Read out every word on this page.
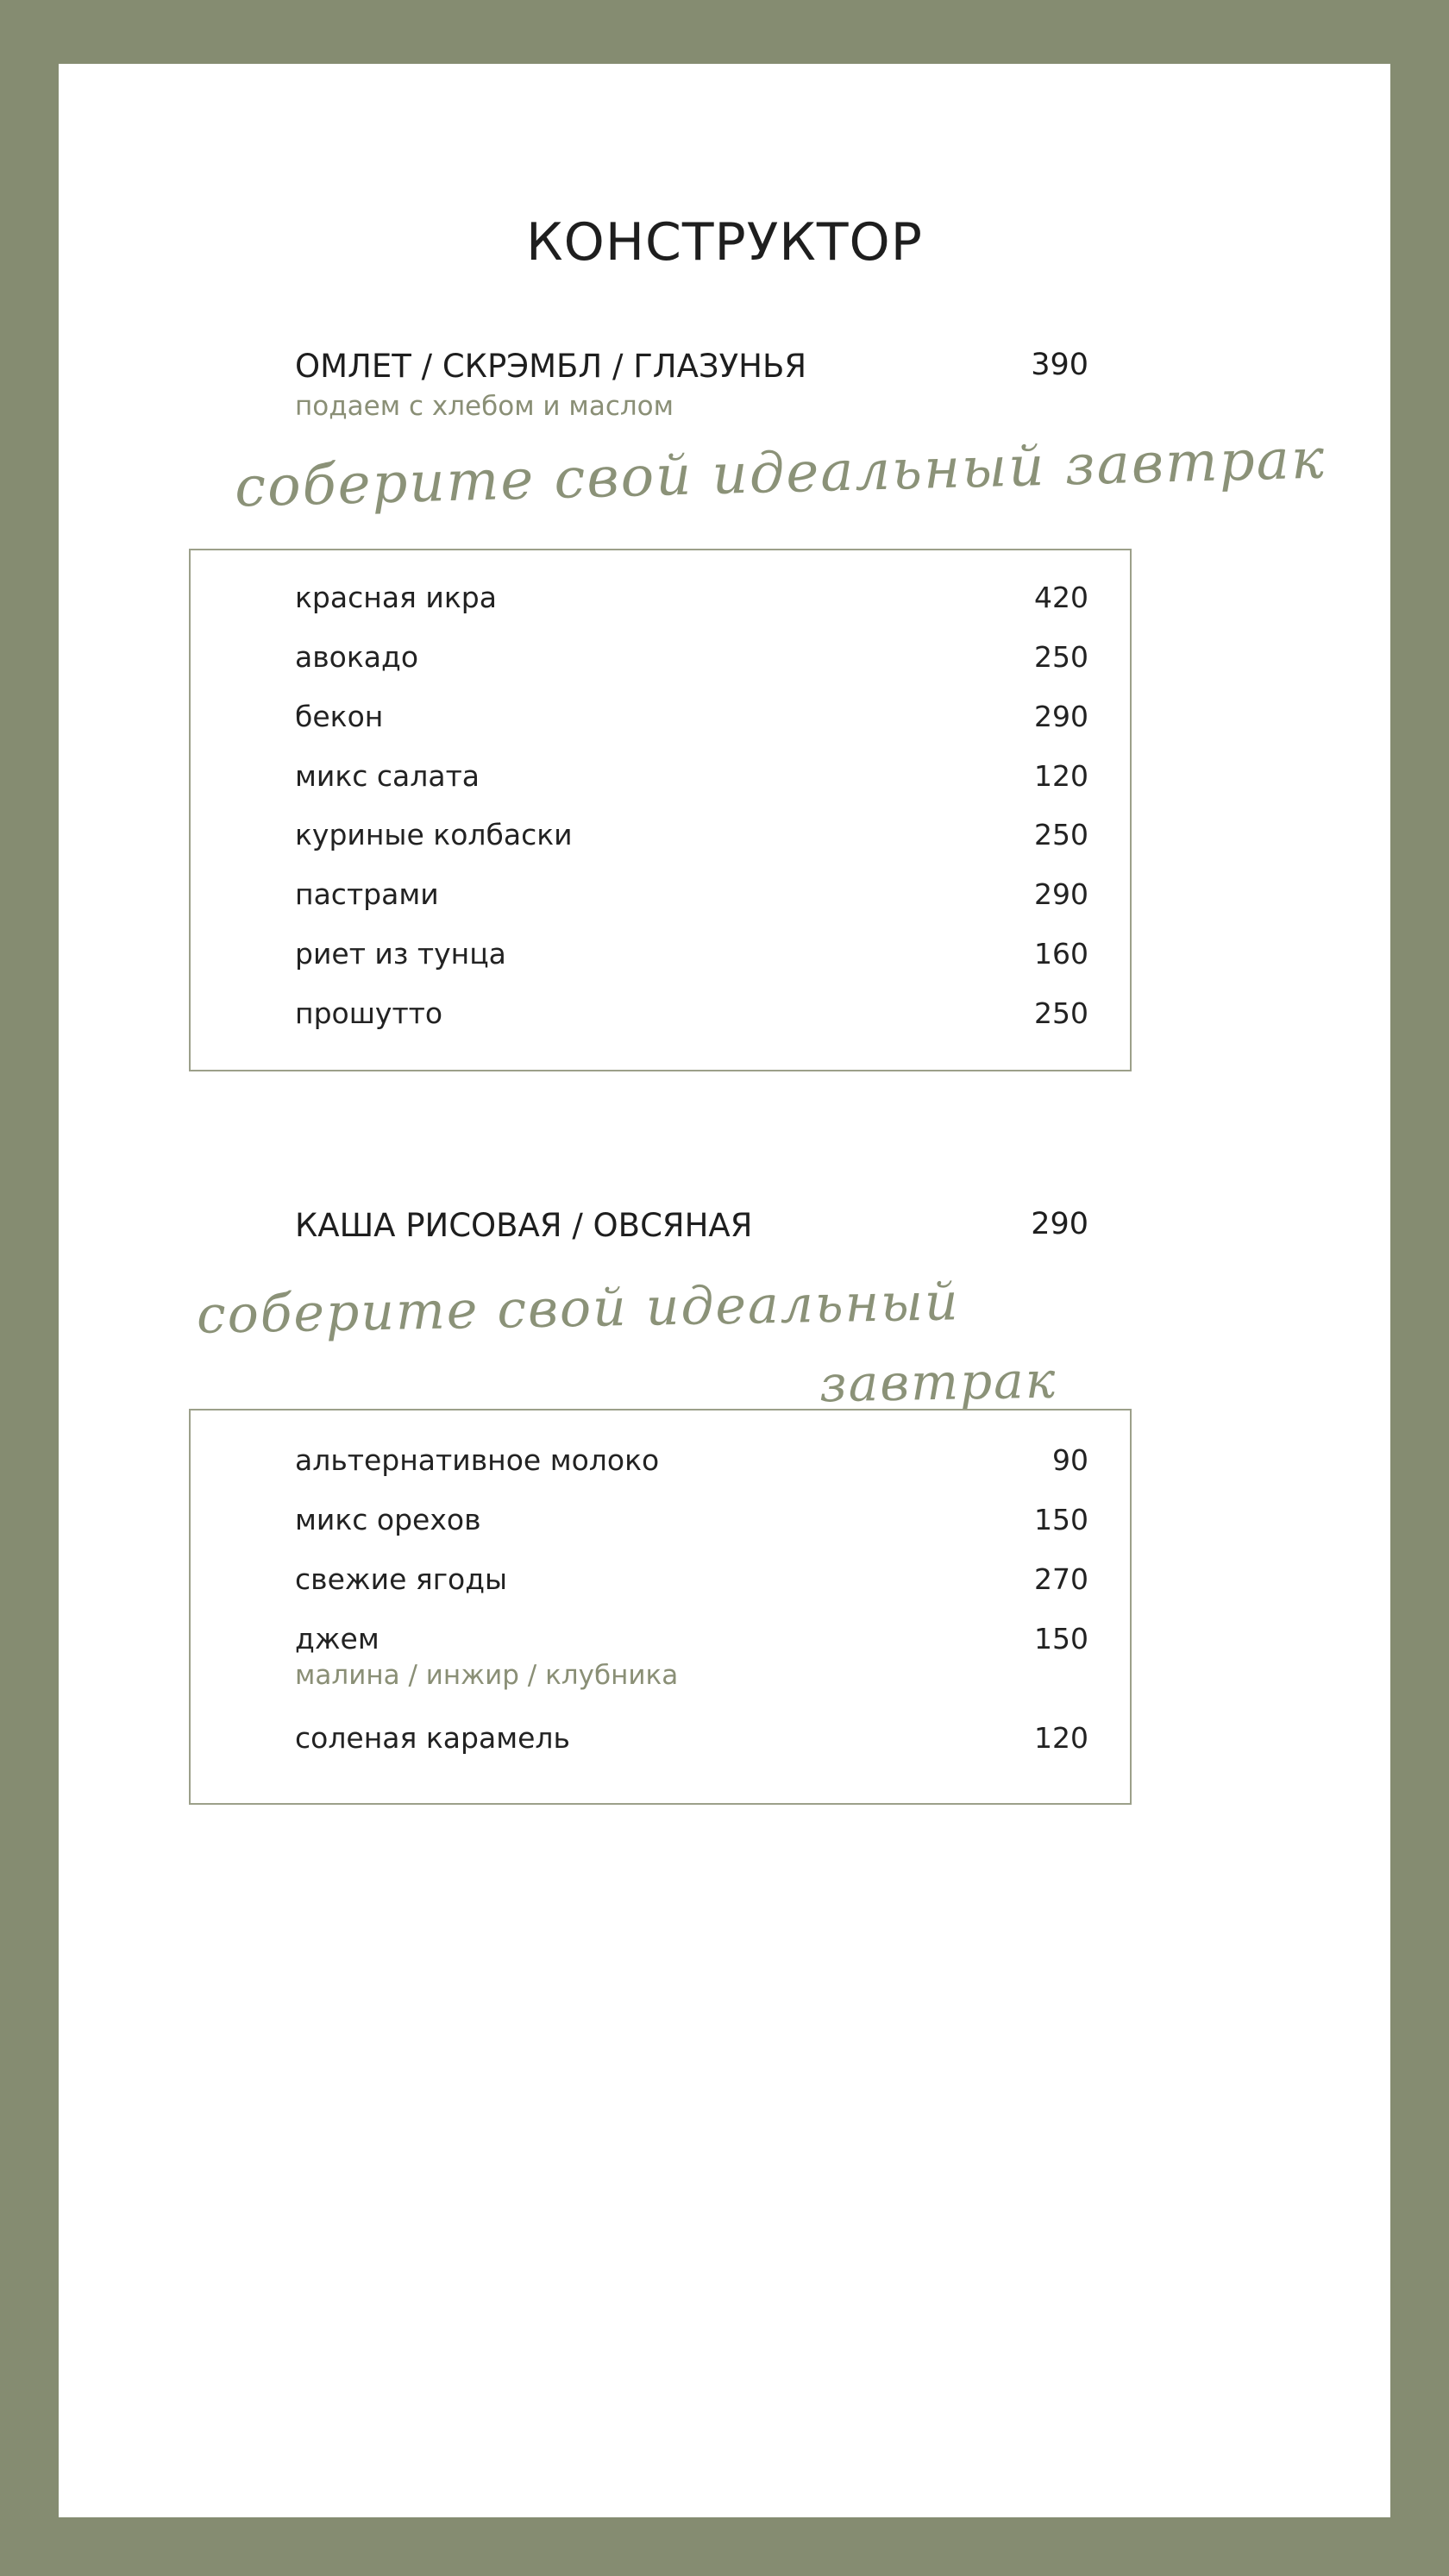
КОНСТРУКТОР
ОМЛЕТ / СКРЭМБЛ / ГЛАЗУНЬЯ	390
подаем с хлебом и маслом
соберите свой идеальный завтрак
красная икра	420
авокадо	250
бекон	290
микс салата	120
куриные колбаски	250
пастрами	290
риет из тунца	160
прошутто	250
КАША РИСОВАЯ / ОВСЯНАЯ	290
соберите свой идеальный
завтрак
альтернативное молоко	90
микс орехов	150
свежие ягоды	270
джем	150
малина / инжир / клубника
соленая карамель	120
